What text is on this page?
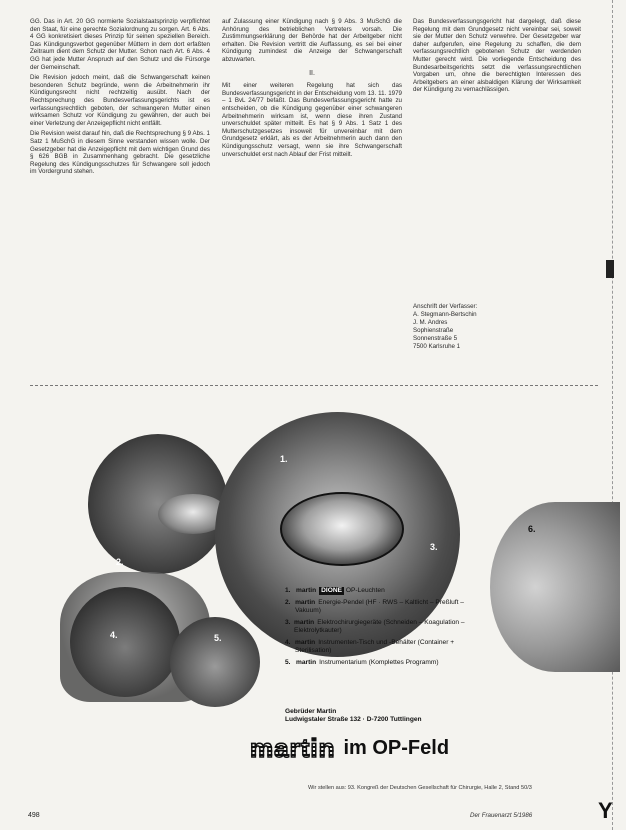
GG. Das in Art. 20 GG normierte Sozialstaatsprinzip verpflichtet den Staat, für eine gerechte Sozialordnung zu sorgen. Art. 6 Abs. 4 GG konkretisiert dieses Prinzip für seinen speziellen Bereich. Das Kündigungsverbot gegenüber Müttern in dem dort erfaßten Zeitraum dient dem Schutz der Mutter. Schon nach Art. 6 Abs. 4 GG hat jede Mutter Anspruch auf den Schutz und die Fürsorge der Gemeinschaft.

Die Revision jedoch meint, daß die Schwangerschaft keinen besonderen Schutz begründe, wenn die Arbeitnehmerin ihr Kündigungsrecht nicht rechtzeitig ausübt. Nach der Rechtsprechung des Bundesverfassungsgerichts ist es verfassungsrechtlich geboten, der schwangeren Mutter einen wirksamen Schutz vor Kündigung zu gewähren, der auch bei einer Verletzung der Anzeigepflicht nicht entfällt.

Die Revision weist darauf hin, daß die Rechtsprechung § 9 Abs. 1 Satz 1 MuSchG in diesem Sinne verstanden wissen wolle. Der Gesetzgeber hat die Anzeigepflicht mit dem wichtigen Grund des § 626 BGB in Zusammenhang gebracht. Die gesetzliche Regelung des Kündigungsschutzes für Schwangere soll jedoch im Vordergrund stehen.

auf Zulassung einer Kündigung nach § 9 Abs. 3 MuSchG die Anhörung des betrieblichen Vertreters vorsah. Die Zustimmungserklärung der Behörde hat der Arbeitgeber nicht erhalten. Die Revision vertritt die Auffassung, es sei bei einer Kündigung zumindest die Anzeige der Schwangerschaft abzuwarten.

II.

Mit einer weiteren Regelung hat sich das Bundesverfassungsgericht in der Entscheidung vom 13. 11. 1979 – 1 BvL 24/77 befaßt. Das Bundesverfassungsgericht hatte zu entscheiden, ob die Kündigung gegenüber einer schwangeren Arbeitnehmerin wirksam ist, wenn diese ihren Zustand unverschuldet später mitteilt. Es hat § 9 Abs. 1 Satz 1 des Mutterschutzgesetzes insoweit für unvereinbar mit dem Grundgesetz erklärt, als es der Arbeitnehmerin auch dann den Kündigungsschutz versagt, wenn sie ihre Schwangerschaft unverschuldet erst nach Ablauf der Frist mitteilt.

Das Bundesverfassungsgericht hat dargelegt, daß diese Regelung mit dem Grundgesetz nicht vereinbar sei, soweit sie der Mutter den Schutz verwehre. Der Gesetzgeber war daher aufgerufen, eine Regelung zu schaffen, die dem verfassungsrechtlich gebotenen Schutz der werdenden Mutter gerecht wird. Die vorliegende Entscheidung des Bundesarbeitsgerichts setzt die verfassungsrechtlichen Vorgaben um, ohne die berechtigten Interessen des Arbeitgebers an einer alsbaldigen Klärung der Wirksamkeit der Kündigung zu vernachlässigen.

Anschrift der Verfasser:
A. Stegmann-Bertschin
J. M. Andres
Sophienstraße
Sonnenstraße 5
7500 Karlsruhe 1
1.
2.
3.
4.	5.
6.
1. martin DIONE OP-Leuchten
2. martin Energie-Pendel (HF · RWS – Kaltlicht – Preßluft – Vakuum)
3. martin Elektrochirurgiegeräte (Schneiden – Koagulation – Elektrolytkauter)
4. martin Instrumenten-Tisch und -Behälter (Container + Sterilisation)
5. martin Instrumentarium (Komplettes Programm)
Gebrüder Martin
Ludwigstaler Straße 132 · D-7200 Tuttlingen
martin im OP-Feld
Wir stellen aus: 93. Kongreß der Deutschen Gesellschaft für Chirurgie, Halle 2, Stand 50/3
498	Der Frauenarzt 5/1986	Y
